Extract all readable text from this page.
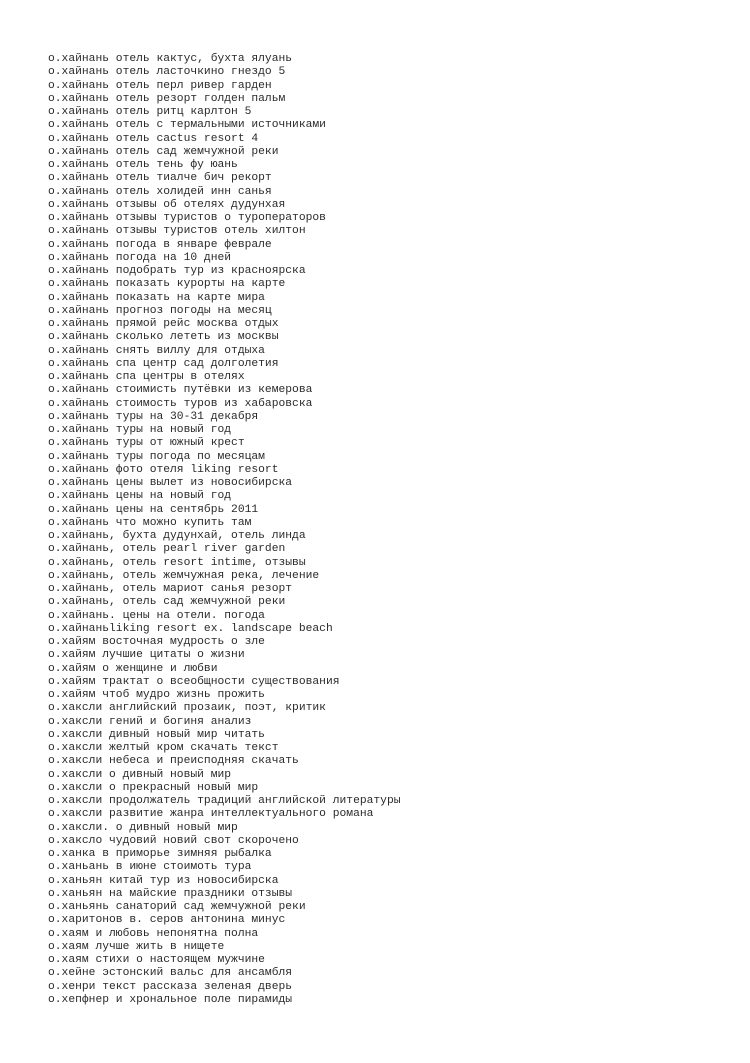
о.хайнань отель кактус, бухта ялуань
о.хайнань отель ласточкино гнездо 5
о.хайнань отель перл ривер гарден
о.хайнань отель резорт голден пальм
о.хайнань отель ритц карлтон 5
о.хайнань отель с термальными источниками
о.хайнань отель cactus resort 4
о.хайнань отель сад жемчужной реки
о.хайнань отель тень фу юань
о.хайнань отель тиалче бич рекорт
о.хайнань отель холидей инн санья
о.хайнань отзывы об отелях дудунхая
о.хайнань отзывы туристов о туроператоров
о.хайнань отзывы туристов отель хилтон
о.хайнань погода в январе феврале
о.хайнань погода на 10 дней
о.хайнань подобрать тур из красноярска
о.хайнань показать курорты на карте
о.хайнань показать на карте мира
о.хайнань прогноз погоды на месяц
о.хайнань прямой рейс москва отдых
о.хайнань сколько лететь из москвы
о.хайнань снять виллу для отдыха
о.хайнань спа центр сад долголетия
о.хайнань спа центры в отелях
о.хайнань стоимисть путёвки из кемерова
о.хайнань стоимость туров из хабаровска
о.хайнань туры на 30-31 декабря
о.хайнань туры на новый год
о.хайнань туры от южный крест
о.хайнань туры погода по месяцам
о.хайнань фото отеля liking resort
о.хайнань цены вылет из новосибирска
о.хайнань цены на новый год
о.хайнань цены на сентябрь 2011
о.хайнань что можно купить там
о.хайнань, бухта дудунхай, отель линда
о.хайнань, отель pearl river garden
о.хайнань, отель resort intime, отзывы
о.хайнань, отель жемчужная река, лечение
о.хайнань, отель мариот санья резорт
о.хайнань, отель сад жемчужной реки
о.хайнань. цены на отели. погода
о.хайнаньliking resort ex. landscape beach
о.хайям восточная мудрость о зле
о.хайям лучшие цитаты о жизни
о.хайям о женщине и любви
о.хайям трактат о всеобщности существования
о.хайям чтоб мудро жизнь прожить
о.хаксли английский прозаик, поэт, критик
о.хаксли гений и богиня анализ
о.хаксли дивный новый мир читать
о.хаксли желтый кром скачать текст
о.хаксли небеса и преисподняя скачать
о.хаксли о дивный новый мир
о.хаксли о прекрасный новый мир
о.хаксли продолжатель традиций английской литературы
о.хаксли развитие жанра интеллектуального романа
о.хаксли. о дивный новый мир
о.хаксло чудовий новий свот скорочено
о.ханка в приморье зимняя рыбалка
о.ханьань в июне стоимоть тура
о.ханьян китай тур из новосибирска
о.ханьян на майские праздники отзывы
о.ханьянь санаторий сад жемчужной реки
о.харитонов в. серов антонина минус
о.хаям и любовь непонятна полна
о.хаям лучше жить в нищете
о.хаям стихи о настоящем мужчине
о.хейне эстонский вальс для ансамбля
о.хенри текст рассказа зеленая дверь
о.хепфнер и хрональное поле пирамиды
